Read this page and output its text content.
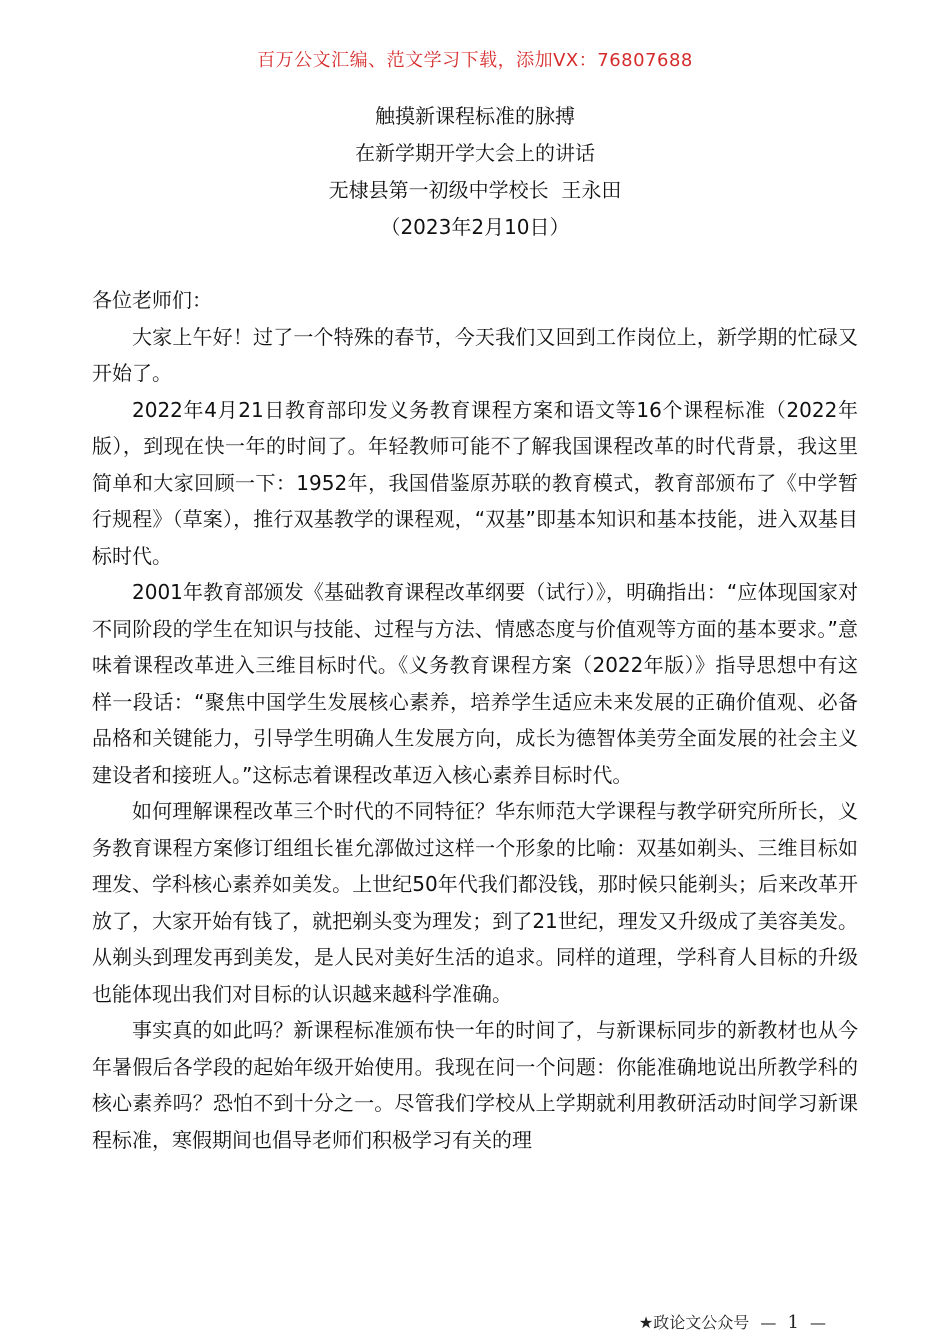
百万公文汇编、范文学习下载，添加VX：76807688
触摸新课程标准的脉搏
在新学期开学大会上的讲话
无棣县第一初级中学校长  王永田
（2023年2月10日）

各位老师们：

大家上午好！过了一个特殊的春节，今天我们又回到工作岗位上，新学期的忙碌又开始了。

2022年4月21日教育部印发义务教育课程方案和语文等16个课程标准（2022年版），到现在快一年的时间了。年轻教师可能不了解我国课程改革的时代背景，我这里简单和大家回顾一下：1952年，我国借鉴原苏联的教育模式，教育部颁布了《中学暂行规程》（草案），推行双基教学的课程观，“双基”即基本知识和基本技能，进入双基目标时代。

2001年教育部颁发《基础教育课程改革纲要（试行）》，明确指出：“应体现国家对不同阶段的学生在知识与技能、过程与方法、情感态度与价值观等方面的基本要求。”意味着课程改革进入三维目标时代。《义务教育课程方案（2022年版）》指导思想中有这样一段话：“聚焦中国学生发展核心素养，培养学生适应未来发展的正确价值观、必备品格和关键能力，引导学生明确人生发展方向，成长为德智体美劳全面发展的社会主义建设者和接班人。”这标志着课程改革迈入核心素养目标时代。

如何理解课程改革三个时代的不同特征？华东师范大学课程与教学研究所所长，义务教育课程方案修订组组长崔允漷做过这样一个形象的比喻：双基如剃头、三维目标如理发、学科核心素养如美发。上世纪50年代我们都没钱，那时候只能剃头；后来改革开放了，大家开始有钱了，就把剃头变为理发；到了21世纪，理发又升级成了美容美发。从剃头到理发再到美发，是人民对美好生活的追求。同样的道理，学科育人目标的升级也能体现出我们对目标的认识越来越科学准确。

事实真的如此吗？新课程标准颁布快一年的时间了，与新课标同步的新教材也从今年暑假后各学段的起始年级开始使用。我现在问一个问题：你能准确地说出所教学科的核心素养吗？恐怕不到十分之一。尽管我们学校从上学期就利用教研活动时间学习新课程标准，寒假期间也倡导老师们积极学习有关的理

★政论文公众号 — 1 —
